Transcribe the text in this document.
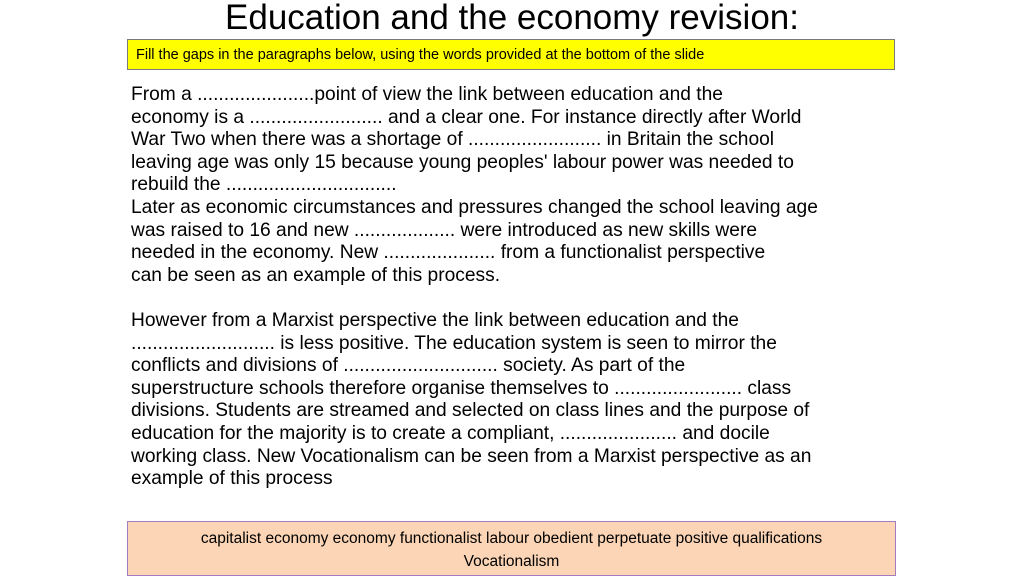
Education and the economy revision:
Fill the gaps in the paragraphs below, using the words provided at the bottom of the slide
From a ......................point of view the link between education and the
economy is a ......................... and a clear one. For instance directly after World
War Two when there was a shortage of ......................... in Britain the school
leaving age was only 15 because young peoples' labour power was needed to
rebuild the ................................
Later as economic circumstances and pressures changed the school leaving age
was raised to 16 and new ................... were introduced as new skills were
needed in the economy. New ..................... from a functionalist perspective
can be seen as an example of this process.
However from a Marxist perspective the link between education and the
........................... is less positive. The education system is seen to mirror the
conflicts and divisions of ............................. society. As part of the
superstructure schools therefore organise themselves to ........................ class
divisions. Students are streamed and selected on class lines and the purpose of
education for the majority is to create a compliant, ...................... and docile
working class. New Vocationalism can be seen from a Marxist perspective as an
example of this process
capitalist economy economy functionalist labour obedient perpetuate positive qualifications
Vocationalism
